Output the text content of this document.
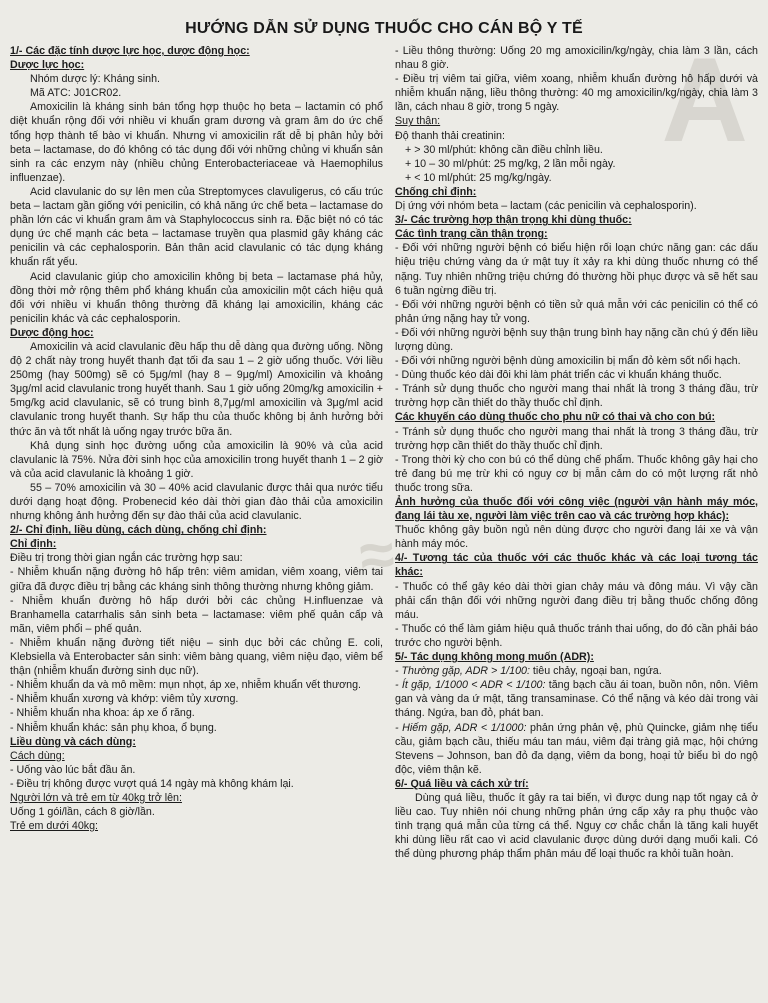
A
≈
HƯỚNG DẪN SỬ DỤNG THUỐC CHO CÁN BỘ Y TẾ

1/- Các đặc tính dược lực học, dược động học:

Dược lực học:

Nhóm dược lý: Kháng sinh.

Mã ATC: J01CR02.

Amoxicilin là kháng sinh bán tổng hợp thuộc họ beta – lactamin có phổ diệt khuẩn rộng đối với nhiều vi khuẩn gram dương và gram âm do ức chế tổng hợp thành tế bào vi khuẩn. Nhưng vi amoxicilin rất dễ bị phân hủy bởi beta – lactamase, do đó không có tác dụng đối với những chủng vi khuẩn sản sinh ra các enzym này (nhiều chủng Enterobacteriaceae và Haemophilus influenzae).

Acid clavulanic do sự lên men của Streptomyces clavuligerus, có cấu trúc beta – lactam gần giống với penicilin, có khả năng ức chế beta – lactamase do phần lớn các vi khuẩn gram âm và Staphylococcus sinh ra. Đặc biệt nó có tác dụng ức chế mạnh các beta – lactamase truyền qua plasmid gây kháng các penicilin và các cephalosporin. Bản thân acid clavulanic có tác dụng kháng khuẩn rất yếu.

Acid clavulanic giúp cho amoxicilin không bị beta – lactamase phá hủy, đồng thời mở rộng thêm phổ kháng khuẩn của amoxicilin một cách hiệu quả đối với nhiều vi khuẩn thông thường đã kháng lại amoxicilin, kháng các penicilin khác và các cephalosporin.

Dược động học:

Amoxicilin và acid clavulanic đều hấp thu dễ dàng qua đường uống. Nồng độ 2 chất này trong huyết thanh đạt tối đa sau 1 – 2 giờ uống thuốc. Với liều 250mg (hay 500mg) sẽ có 5μg/ml (hay 8 – 9μg/ml) Amoxicilin và khoảng 3μg/ml acid clavulanic trong huyết thanh. Sau 1 giờ uống 20mg/kg amoxicilin + 5mg/kg acid clavulanic, sẽ có trung bình 8,7μg/ml amoxicilin và 3μg/ml acid clavulanic trong huyết thanh. Sự hấp thu của thuốc không bị ảnh hưởng bởi thức ăn và tốt nhất là uống ngay trước bữa ăn.

Khả dụng sinh học đường uống của amoxicilin là 90% và của acid clavulanic là 75%. Nửa đời sinh học của amoxicilin trong huyết thanh 1 – 2 giờ và của acid clavulanic là khoảng 1 giờ.

55 – 70% amoxicilin và 30 – 40% acid clavulanic được thải qua nước tiểu dưới dạng hoạt động. Probenecid kéo dài thời gian đào thải của amoxicilin nhưng không ảnh hưởng đến sự đào thải của acid clavulanic.

2/- Chỉ định, liều dùng, cách dùng, chống chỉ định:

Chỉ định:

Điều trị trong thời gian ngắn các trường hợp sau:

- Nhiễm khuẩn nặng đường hô hấp trên: viêm amidan, viêm xoang, viêm tai giữa đã được điều trị bằng các kháng sinh thông thường nhưng không giảm.

- Nhiễm khuẩn đường hô hấp dưới bởi các chủng H.influenzae và Branhamella catarrhalis sản sinh beta – lactamase: viêm phế quản cấp và mãn, viêm phổi – phế quản.

- Nhiễm khuẩn nặng đường tiết niệu – sinh dục bởi các chủng E. coli, Klebsiella và Enterobacter sản sinh: viêm bàng quang, viêm niệu đạo, viêm bể thận (nhiễm khuẩn đường sinh dục nữ).

- Nhiễm khuẩn da và mô mềm: mụn nhọt, áp xe, nhiễm khuẩn vết thương.

- Nhiễm khuẩn xương và khớp: viêm tủy xương.

- Nhiễm khuẩn nha khoa: áp xe ổ răng.

- Nhiễm khuẩn khác: sản phụ khoa, ổ bụng.

Liều dùng và cách dùng:

Cách dùng:

- Uống vào lúc bắt đầu ăn.

- Điều trị không được vượt quá 14 ngày mà không khám lại.

Người lớn và trẻ em từ 40kg trở lên:

Uống 1 gói/lần, cách 8 giờ/lần.

Trẻ em dưới 40kg:

- Liều thông thường: Uống 20 mg amoxicilin/kg/ngày, chia làm 3 lần, cách nhau 8 giờ.

- Điều trị viêm tai giữa, viêm xoang, nhiễm khuẩn đường hô hấp dưới và nhiễm khuẩn nặng, liều thông thường: 40 mg amoxicilin/kg/ngày, chia làm 3 lần, cách nhau 8 giờ, trong 5 ngày.

Suy thận:

Độ thanh thải creatinin:

+ > 30 ml/phút: không cần điều chỉnh liều.

+ 10 – 30 ml/phút: 25 mg/kg, 2 lần mỗi ngày.

+ < 10 ml/phút: 25 mg/kg/ngày.

Chống chỉ định:

Dị ứng với nhóm beta – lactam (các penicilin và cephalosporin).

3/- Các trường hợp thận trọng khi dùng thuốc:

Các tình trạng cần thận trọng:

- Đối với những người bệnh có biểu hiện rối loạn chức năng gan: các dấu hiệu triệu chứng vàng da ứ mật tuy ít xảy ra khi dùng thuốc nhưng có thể nặng. Tuy nhiên những triệu chứng đó thường hồi phục được và sẽ hết sau 6 tuần ngừng điều trị.

- Đối với những người bệnh có tiền sử quá mẫn với các penicilin có thể có phản ứng nặng hay tử vong.

- Đối với những người bệnh suy thận trung bình hay nặng cần chú ý đến liều lượng dùng.

- Đối với những người bệnh dùng amoxicilin bị mẩn đỏ kèm sốt nổi hạch.

- Dùng thuốc kéo dài đôi khi làm phát triển các vi khuẩn kháng thuốc.

- Tránh sử dụng thuốc cho người mang thai nhất là trong 3 tháng đầu, trừ trường hợp cần thiết do thầy thuốc chỉ định.

Các khuyến cáo dùng thuốc cho phụ nữ có thai và cho con bú:

- Tránh sử dụng thuốc cho người mang thai nhất là trong 3 tháng đầu, trừ trường hợp cần thiết do thầy thuốc chỉ định.

- Trong thời kỳ cho con bú có thể dùng chế phẩm. Thuốc không gây hại cho trẻ đang bú mẹ trừ khi có nguy cơ bị mẫn cảm do có một lượng rất nhỏ thuốc trong sữa.

Ảnh hưởng của thuốc đối với công việc (người vận hành máy móc, đang lái tàu xe, người làm việc trên cao và các trường hợp khác):

Thuốc không gây buồn ngủ nên dùng được cho người đang lái xe và vận hành máy móc.

4/- Tương tác của thuốc với các thuốc khác và các loại tương tác khác:

- Thuốc có thể gây kéo dài thời gian chảy máu và đông máu. Vì vậy cần phải cẩn thận đối với những người đang điều trị bằng thuốc chống đông máu.

- Thuốc có thể làm giảm hiệu quả thuốc tránh thai uống, do đó cần phải báo trước cho người bệnh.

5/- Tác dụng không mong muốn (ADR):

- Thường gặp, ADR > 1/100: tiêu chảy, ngoại ban, ngứa.

- Ít gặp, 1/1000 < ADR < 1/100: tăng bạch cầu ái toan, buồn nôn, nôn. Viêm gan và vàng da ứ mật, tăng transaminase. Có thể nặng và kéo dài trong vài tháng. Ngứa, ban đỏ, phát ban.

- Hiếm gặp, ADR < 1/1000: phản ứng phản vệ, phù Quincke, giảm nhẹ tiểu cầu, giảm bạch cầu, thiếu máu tan máu, viêm đại tràng giả mạc, hội chứng Stevens – Johnson, ban đỏ đa dạng, viêm da bong, hoại tử biểu bì do ngộ độc, viêm thận kẽ.

6/- Quá liều và cách xử trí:

Dùng quá liều, thuốc ít gây ra tai biến, vì được dung nạp tốt ngay cả ở liều cao. Tuy nhiên nói chung những phản ứng cấp xảy ra phụ thuộc vào tình trạng quá mẫn của từng cá thể. Nguy cơ chắc chắn là tăng kali huyết khi dùng liều rất cao vì acid clavulanic được dùng dưới dạng muối kali. Có thể dùng phương pháp thẩm phân máu để loại thuốc ra khỏi tuần hoàn.
